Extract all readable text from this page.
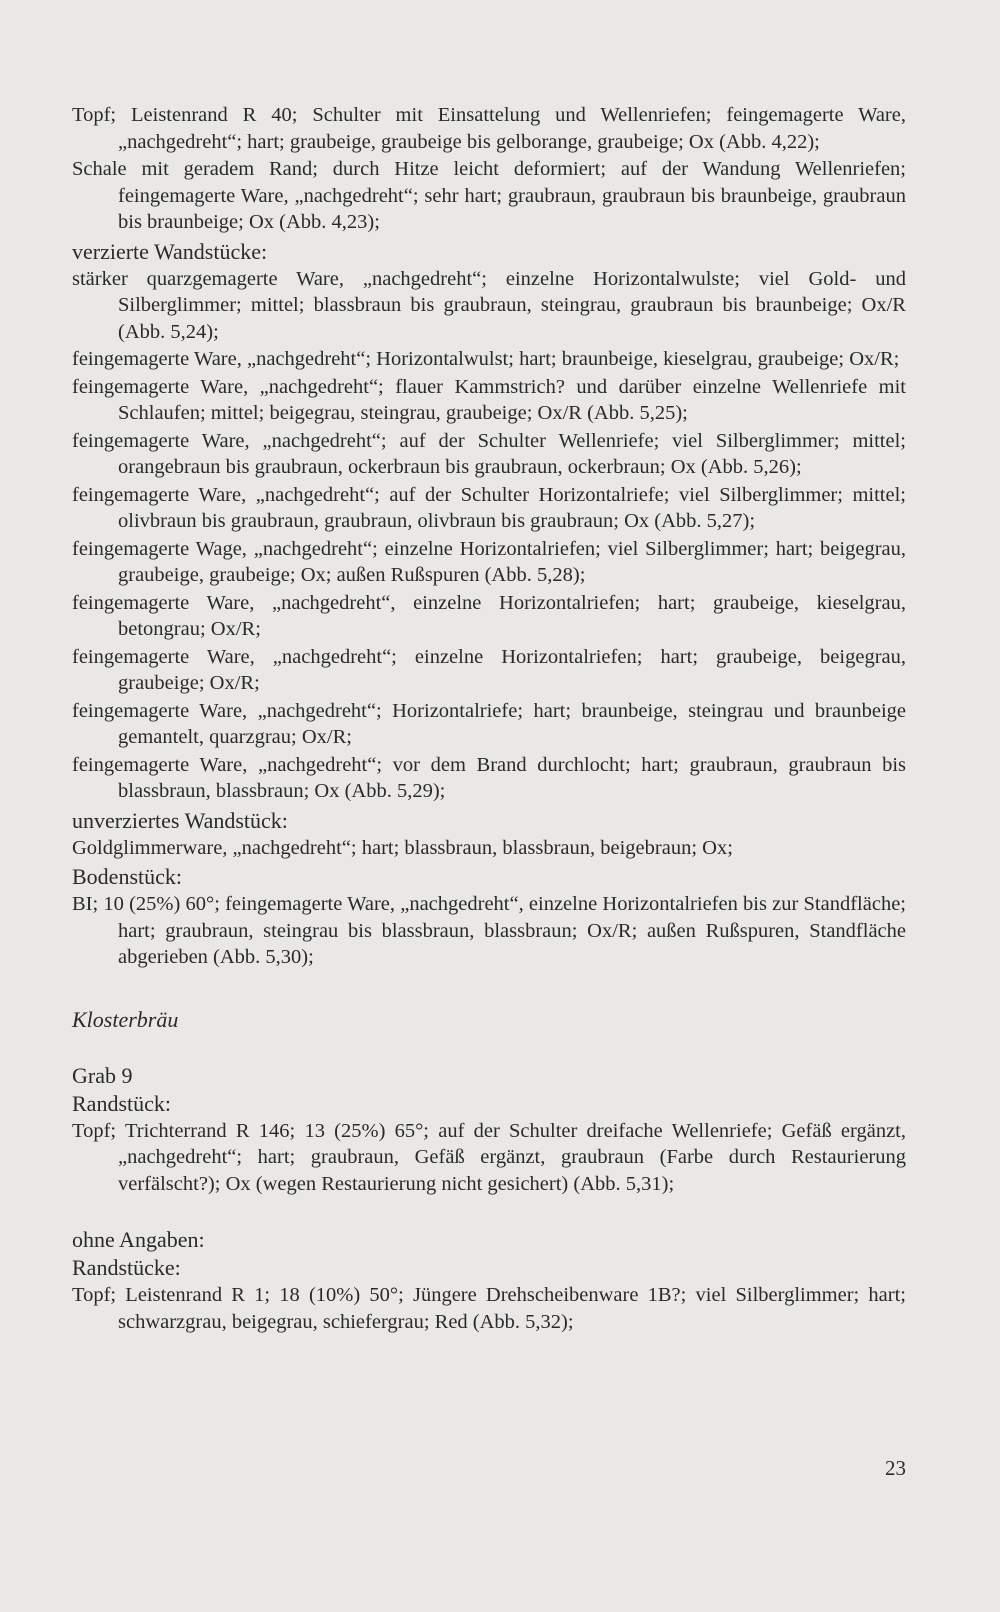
Topf; Leistenrand R 40; Schulter mit Einsattelung und Wellenriefen; feingemagerte Ware, „nachgedreht“; hart; graubeige, graubeige bis gelborange, graubeige; Ox (Abb. 4,22);

Schale mit geradem Rand; durch Hitze leicht deformiert; auf der Wandung Wellenriefen; feingemagerte Ware, „nachgedreht“; sehr hart; graubraun, graubraun bis braunbeige, graubraun bis braunbeige; Ox (Abb. 4,23);

verzierte Wandstücke:

stärker quarzgemagerte Ware, „nachgedreht“; einzelne Horizontalwulste; viel Gold- und Silberglimmer; mittel; blassbraun bis graubraun, steingrau, graubraun bis braunbeige; Ox/R (Abb. 5,24);

feingemagerte Ware, „nachgedreht“; Horizontalwulst; hart; braunbeige, kieselgrau, graubeige; Ox/R;

feingemagerte Ware, „nachgedreht“; flauer Kammstrich? und darüber einzelne Wellenriefe mit Schlaufen; mittel; beigegrau, steingrau, graubeige; Ox/R (Abb. 5,25);

feingemagerte Ware, „nachgedreht“; auf der Schulter Wellenriefe; viel Silberglimmer; mittel; orangebraun bis graubraun, ockerbraun bis graubraun, ockerbraun; Ox (Abb. 5,26);

feingemagerte Ware, „nachgedreht“; auf der Schulter Horizontalriefe; viel Silberglimmer; mittel; olivbraun bis graubraun, graubraun, olivbraun bis graubraun; Ox (Abb. 5,27);

feingemagerte Wage, „nachgedreht“; einzelne Horizontalriefen; viel Silberglimmer; hart; beigegrau, graubeige, graubeige; Ox; außen Rußspuren (Abb. 5,28);

feingemagerte Ware, „nachgedreht“, einzelne Horizontalriefen; hart; graubeige, kieselgrau, betongrau; Ox/R;

feingemagerte Ware, „nachgedreht“; einzelne Horizontalriefen; hart; graubeige, beigegrau, graubeige; Ox/R;

feingemagerte Ware, „nachgedreht“; Horizontalriefe; hart; braunbeige, steingrau und braunbeige gemantelt, quarzgrau; Ox/R;

feingemagerte Ware, „nachgedreht“; vor dem Brand durchlocht; hart; graubraun, graubraun bis blassbraun, blassbraun; Ox (Abb. 5,29);

unverziertes Wandstück:

Goldglimmerware, „nachgedreht“; hart; blassbraun, blassbraun, beigebraun; Ox;

Bodenstück:

BI; 10 (25%) 60°; feingemagerte Ware, „nachgedreht“, einzelne Horizontalriefen bis zur Standfläche; hart; graubraun, steingrau bis blassbraun, blassbraun; Ox/R; außen Rußspuren, Standfläche abgerieben (Abb. 5,30);

Klosterbräu

Grab 9

Randstück:

Topf; Trichterrand R 146; 13 (25%) 65°; auf der Schulter dreifache Wellenriefe; Gefäß ergänzt, „nachgedreht“; hart; graubraun, Gefäß ergänzt, graubraun (Farbe durch Restaurierung verfälscht?); Ox (wegen Restaurierung nicht gesichert) (Abb. 5,31);

ohne Angaben:

Randstücke:

Topf; Leistenrand R 1; 18 (10%) 50°; Jüngere Drehscheibenware 1B?; viel Silberglimmer; hart; schwarzgrau, beigegrau, schiefergrau; Red (Abb. 5,32);

23
